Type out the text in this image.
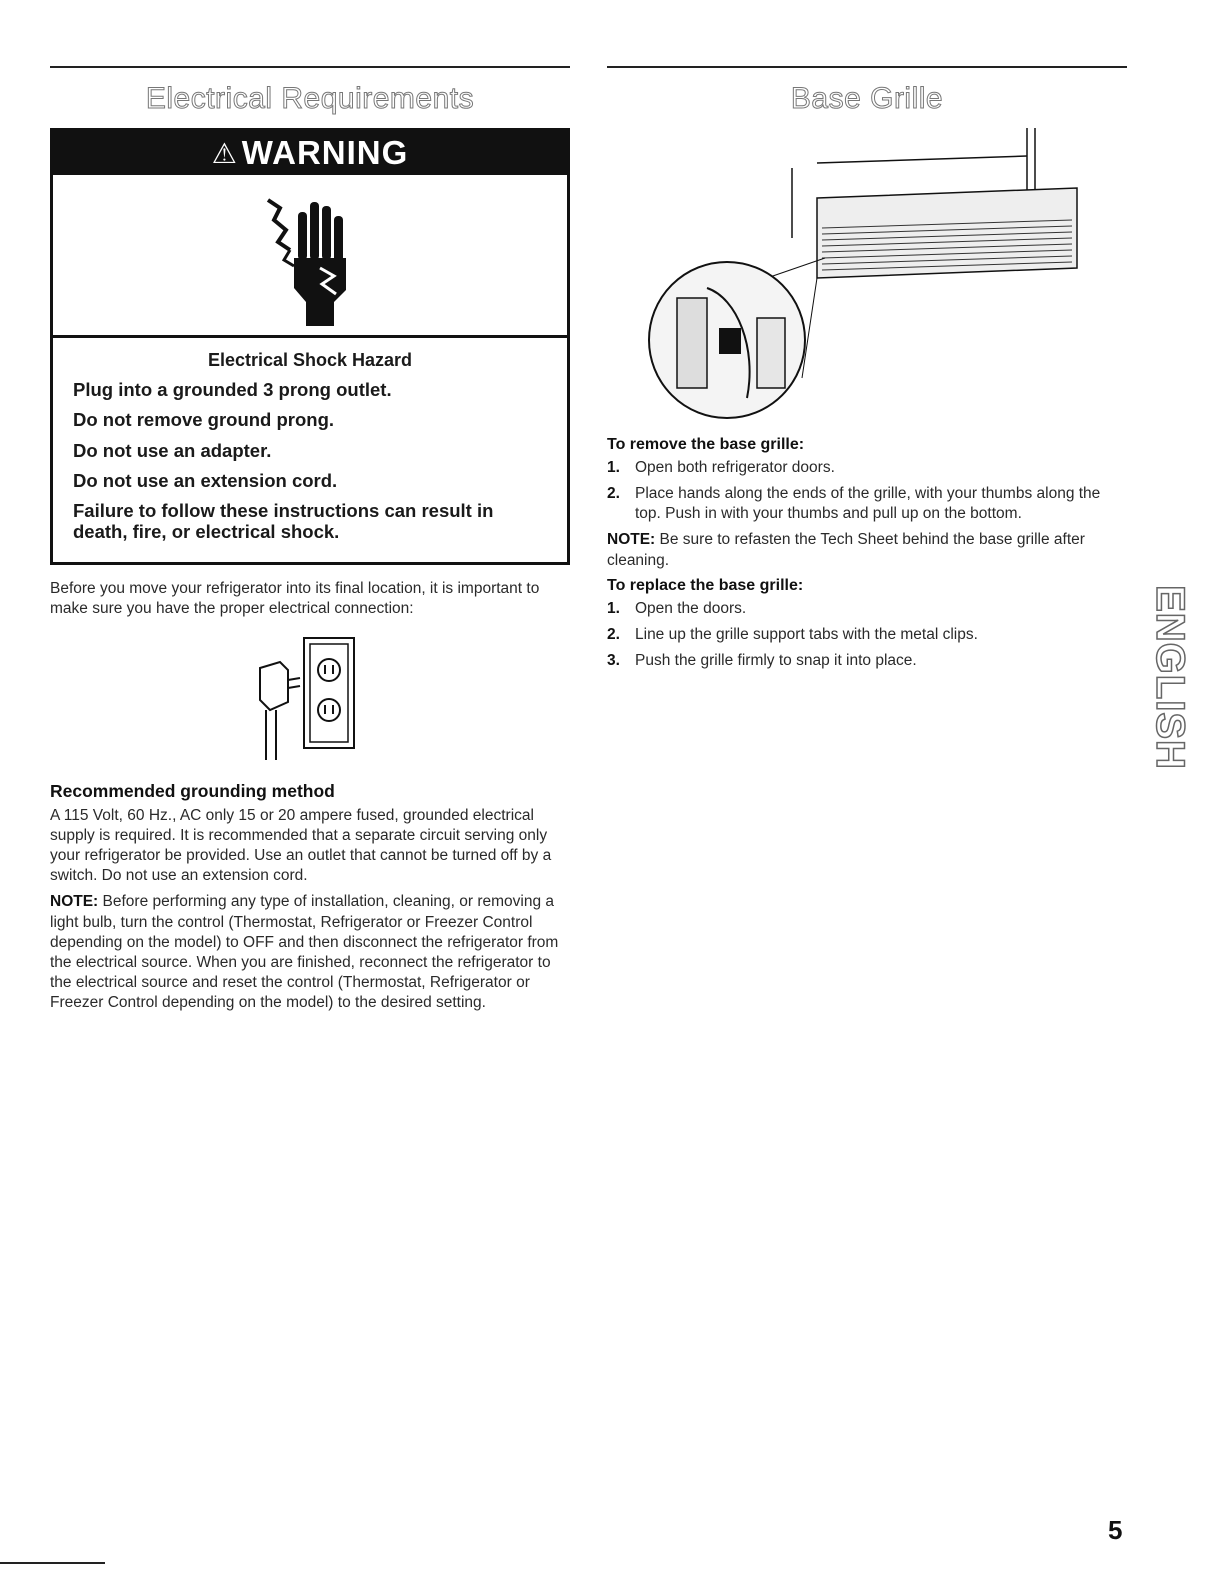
Electrical Requirements
⚠ WARNING
Electrical Shock Hazard

Plug into a grounded 3 prong outlet.

Do not remove ground prong.

Do not use an adapter.

Do not use an extension cord.

Failure to follow these instructions can result in death, fire, or electrical shock.

Before you move your refrigerator into its final location, it is important to make sure you have the proper electrical connection:

Recommended grounding method

A 115 Volt, 60 Hz., AC only 15 or 20 ampere fused, grounded electrical supply is required. It is recommended that a separate circuit serving only your refrigerator be provided. Use an outlet that cannot be turned off by a switch. Do not use an extension cord.

NOTE: Before performing any type of installation, cleaning, or removing a light bulb, turn the control (Thermostat, Refrigerator or Freezer Control depending on the model) to OFF and then disconnect the refrigerator from the electrical source. When you are finished, reconnect the refrigerator to the electrical source and reset the control (Thermostat, Refrigerator or Freezer Control depending on the model) to the desired setting.

Base Grille
To remove the base grille:
1. Open both refrigerator doors.
2. Place hands along the ends of the grille, with your thumbs along the top. Push in with your thumbs and pull up on the bottom.

NOTE: Be sure to refasten the Tech Sheet behind the base grille after cleaning.

To replace the base grille:
1. Open the doors.
2. Line up the grille support tabs with the metal clips.
3. Push the grille firmly to snap it into place.	ENGLISH
5
